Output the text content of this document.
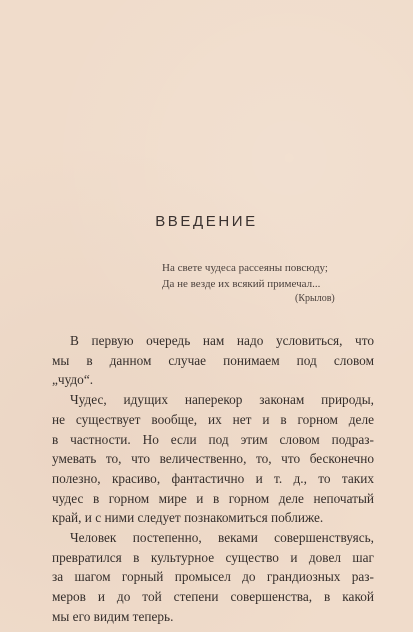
ВВЕДЕНИЕ
На свете чудеса рассеяны повсюду;
Да не везде их всякий примечал...
(Крылов)
В первую очередь нам надо условиться, что
мы в данном случае понимаем под словом
„чудо“.
Чудес, идущих наперекор законам природы,
не существует вообще, их нет и в горном деле
в частности. Но если под этим словом подраз-
умевать то, что величественно, то, что бесконечно
полезно, красиво, фантастично и т. д., то таких
чудес в горном мире и в горном деле непочатый
край, и с ними следует познакомиться поближе.
Человек постепенно, веками совершенствуясь,
превратился в культурное существо и довел шаг
за шагом горный промысел до грандиозных раз-
меров и до той степени совершенства, в какой
мы его видим теперь.
